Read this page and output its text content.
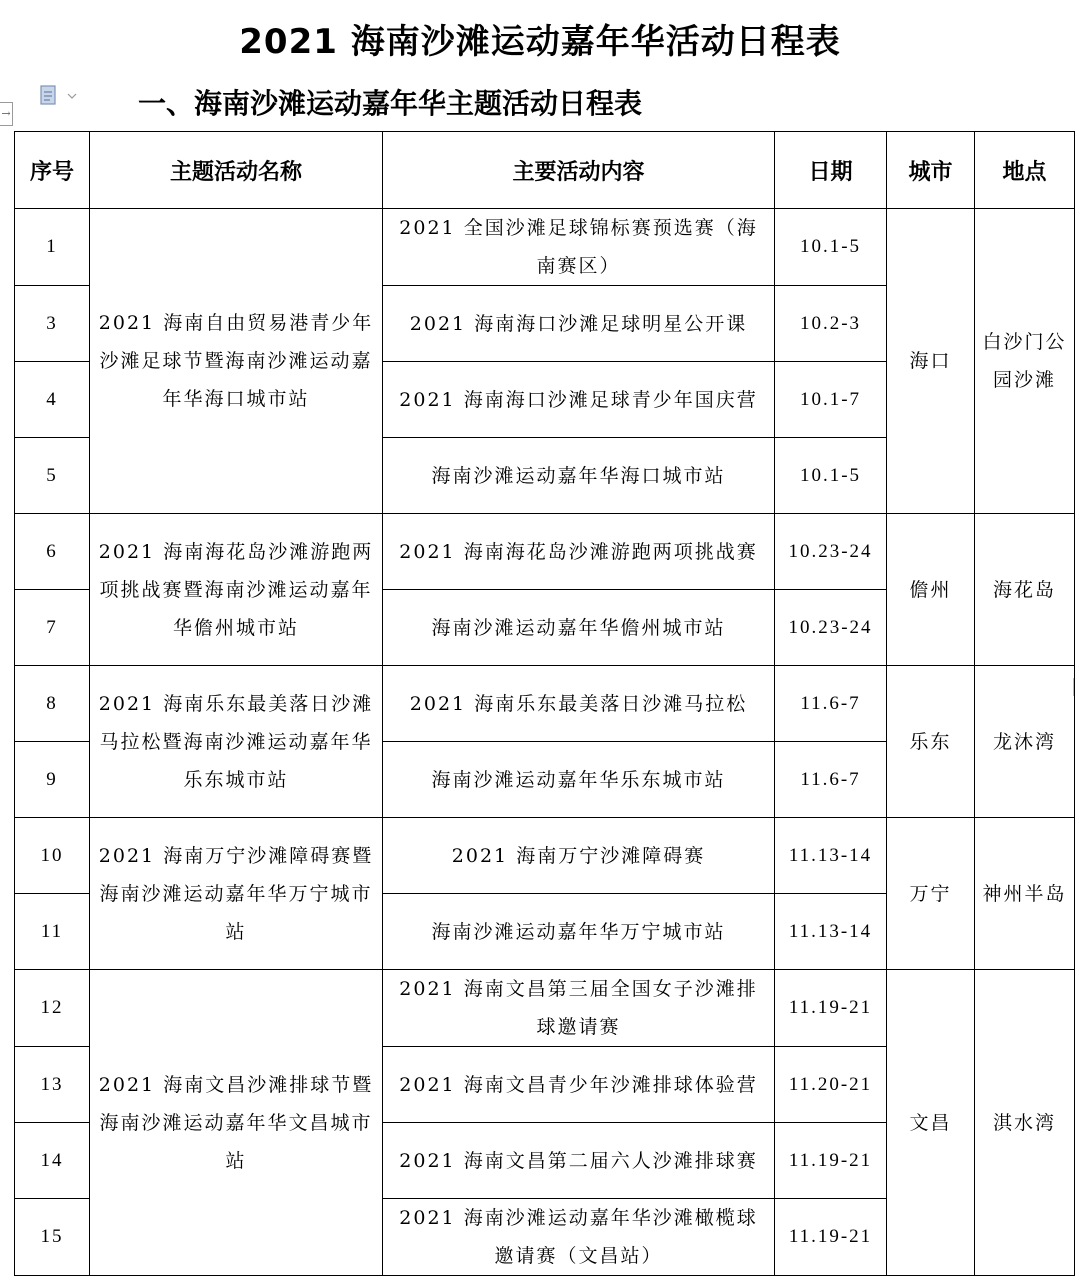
2021 海南沙滩运动嘉年华活动日程表
→	一、海南沙滩运动嘉年华主题活动日程表
序号	主题活动名称	主要活动内容	日期	城市	地点
1	2021 海南自由贸易港青少年沙滩足球节暨海南沙滩运动嘉年华海口城市站	2021 全国沙滩足球锦标赛预选赛（海南赛区）	10.1-5	海口	白沙门公园沙滩
3		2021 海南海口沙滩足球明星公开课	10.2-3		
4		2021 海南海口沙滩足球青少年国庆营	10.1-7		
5		海南沙滩运动嘉年华海口城市站	10.1-5		
6	2021 海南海花岛沙滩游跑两项挑战赛暨海南沙滩运动嘉年华儋州城市站	2021 海南海花岛沙滩游跑两项挑战赛	10.23-24	儋州	海花岛
7		海南沙滩运动嘉年华儋州城市站	10.23-24		
8	2021 海南乐东最美落日沙滩马拉松暨海南沙滩运动嘉年华乐东城市站	2021 海南乐东最美落日沙滩马拉松	11.6-7	乐东	龙沐湾
9		海南沙滩运动嘉年华乐东城市站	11.6-7		
10	2021 海南万宁沙滩障碍赛暨海南沙滩运动嘉年华万宁城市站	2021 海南万宁沙滩障碍赛	11.13-14	万宁	神州半岛
11		海南沙滩运动嘉年华万宁城市站	11.13-14		
12	2021 海南文昌沙滩排球节暨海南沙滩运动嘉年华文昌城市站	2021 海南文昌第三届全国女子沙滩排球邀请赛	11.19-21	文昌	淇水湾
13		2021 海南文昌青少年沙滩排球体验营	11.20-21		
14		2021 海南文昌第二届六人沙滩排球赛	11.19-21		
15		2021 海南沙滩运动嘉年华沙滩橄榄球邀请赛（文昌站）	11.19-21		
